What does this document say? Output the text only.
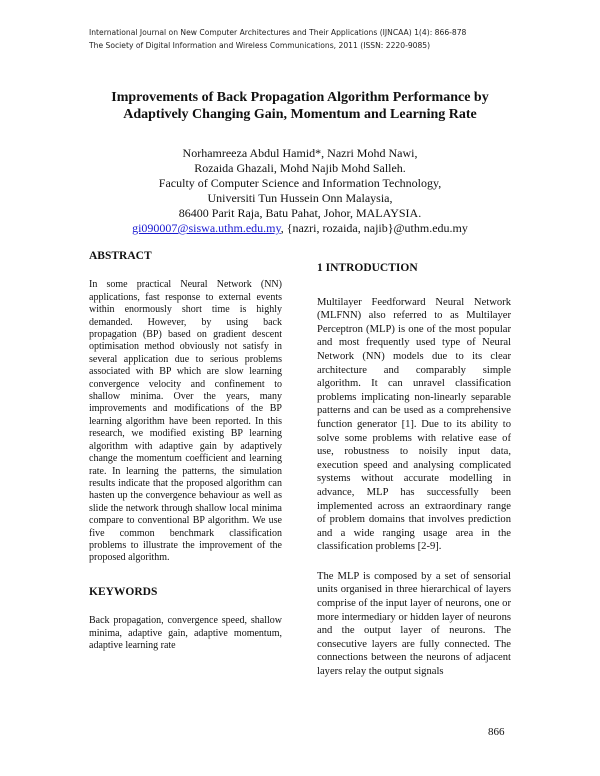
International Journal on New Computer Architectures and Their Applications (IJNCAA) 1(4): 866-878
The Society of Digital Information and Wireless Communications, 2011 (ISSN: 2220-9085)
Improvements of Back Propagation Algorithm Performance by
Adaptively Changing Gain, Momentum and Learning Rate
Norhamreeza Abdul Hamid*, Nazri Mohd Nawi,
Rozaida Ghazali, Mohd Najib Mohd Salleh.
Faculty of Computer Science and Information Technology,
Universiti Tun Hussein Onn Malaysia,
86400 Parit Raja, Batu Pahat, Johor, MALAYSIA.
gi090007@siswa.uthm.edu.my, {nazri, rozaida, najib}@uthm.edu.my
ABSTRACT

In some practical Neural Network (NN) applications, fast response to external events within enormously short time is highly demanded. However, by using back propagation (BP) based on gradient descent optimisation method obviously not satisfy in several application due to serious problems associated with BP which are slow learning convergence velocity and confinement to shallow minima. Over the years, many improvements and modifications of the BP learning algorithm have been reported. In this research, we modified existing BP learning algorithm with adaptive gain by adaptively change the momentum coefficient and learning rate. In learning the patterns, the simulation results indicate that the proposed algorithm can hasten up the convergence behaviour as well as slide the network through shallow local minima compare to conventional BP algorithm. We use five common benchmark classification problems to illustrate the improvement of the proposed algorithm.

KEYWORDS

Back propagation, convergence speed, shallow minima, adaptive gain, adaptive momentum, adaptive learning rate

1 INTRODUCTION

Multilayer Feedforward Neural Network (MLFNN) also referred to as Multilayer Perceptron (MLP) is one of the most popular and most frequently used type of Neural Network (NN) models due to its clear architecture and comparably simple algorithm. It can unravel classification problems implicating non-linearly separable patterns and can be used as a comprehensive function generator [1]. Due to its ability to solve some problems with relative ease of use, robustness to noisily input data, execution speed and analysing complicated systems without accurate modelling in advance, MLP has successfully been implemented across an extraordinary range of problem domains that involves prediction and a wide ranging usage area in the classification problems [2-9].

The MLP is composed by a set of sensorial units organised in three hierarchical of layers comprise of the input layer of neurons, one or more intermediary or hidden layer of neurons and the output layer of neurons. The consecutive layers are fully connected. The connections between the neurons of adjacent layers relay the output signals

866
